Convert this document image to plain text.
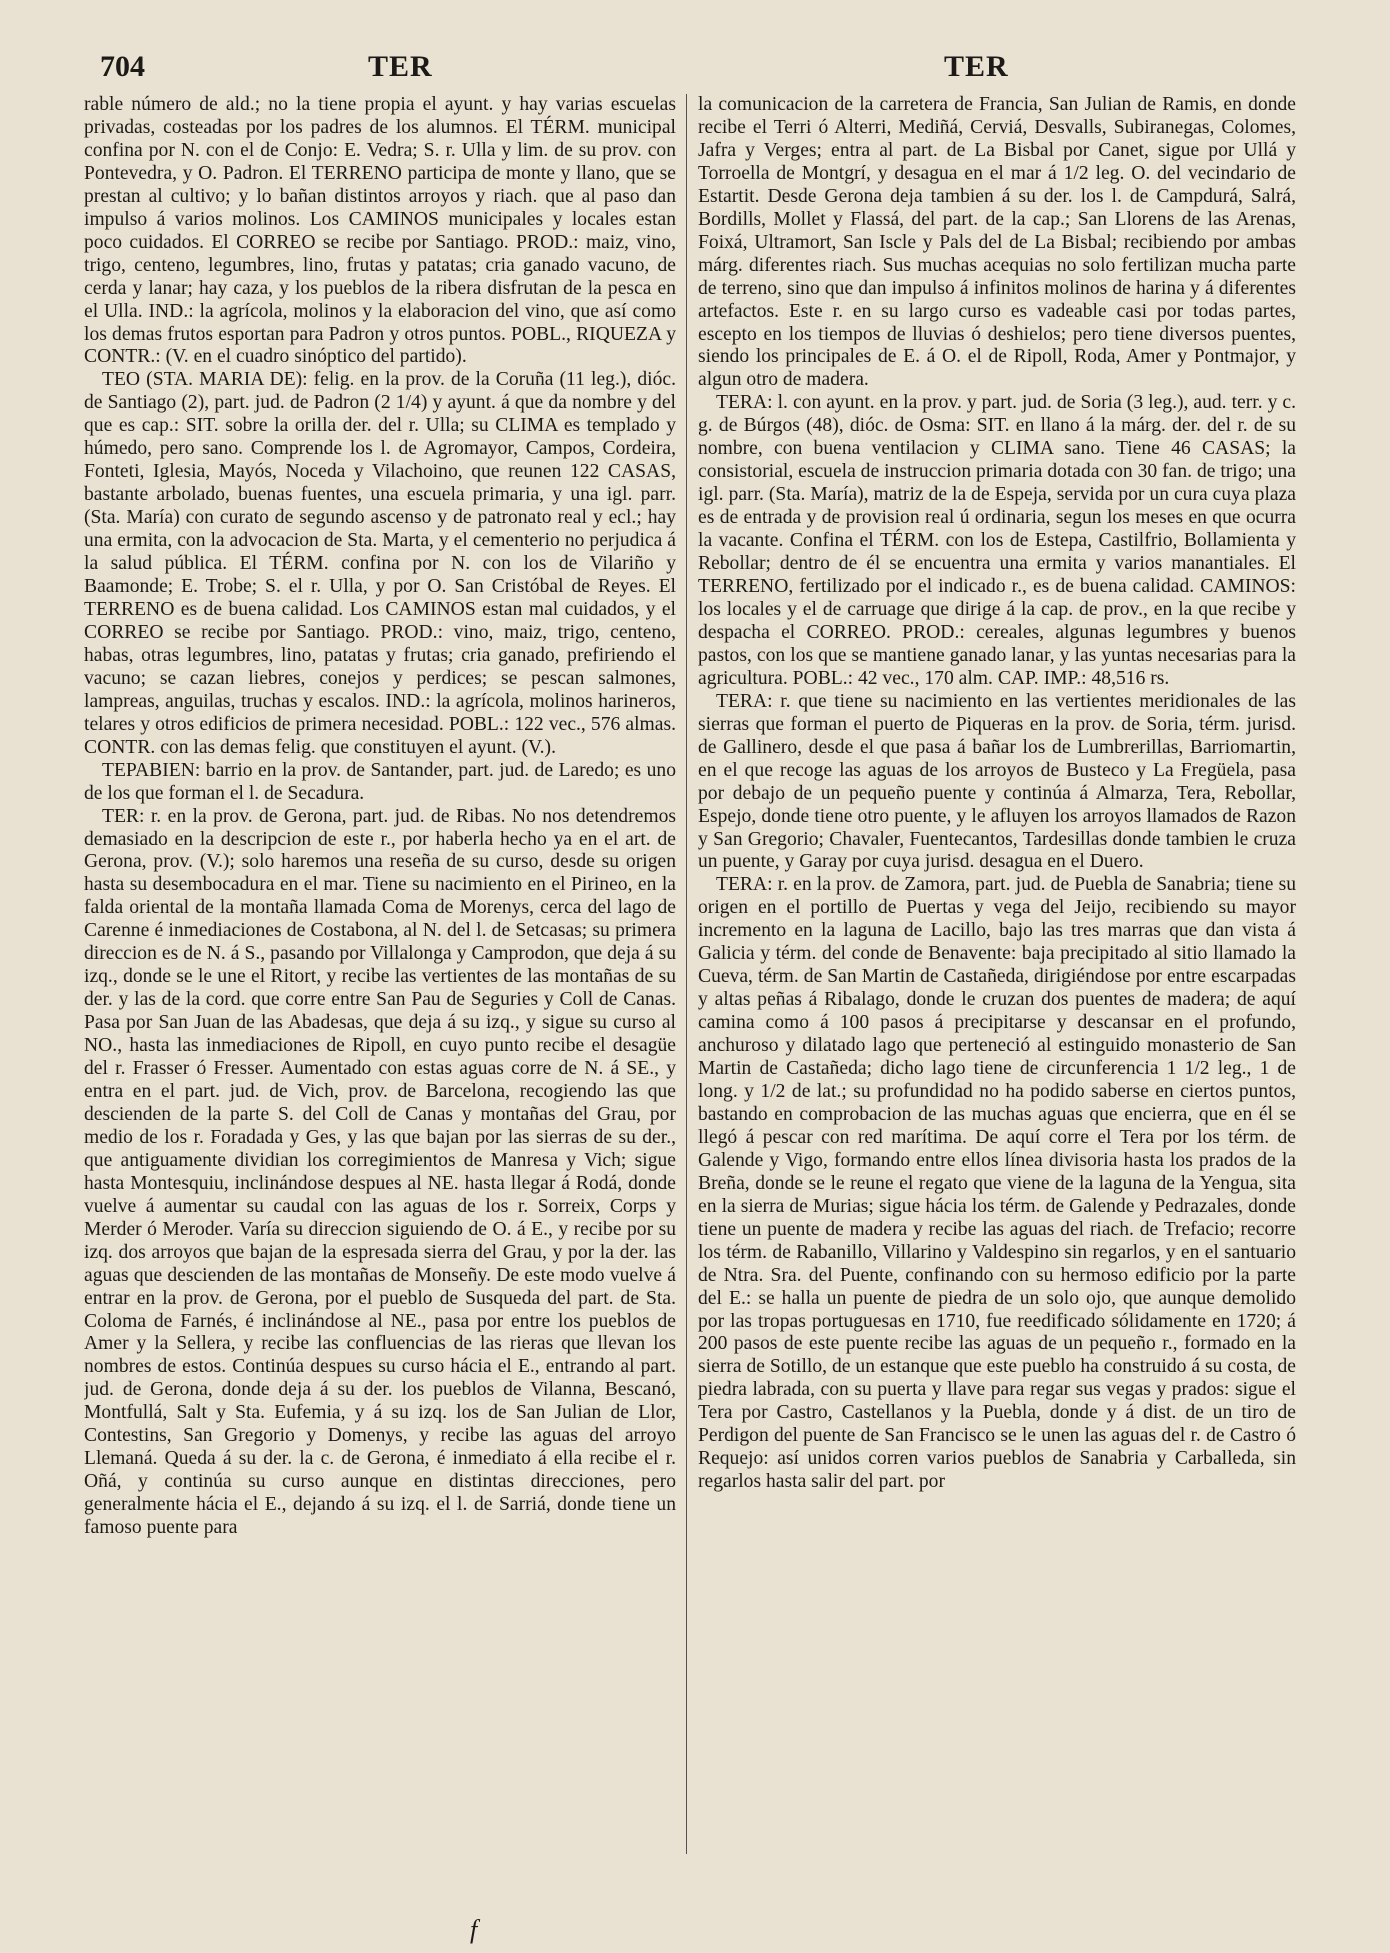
704	TER	TER

rable número de ald.; no la tiene propia el ayunt. y hay varias escuelas privadas, costeadas por los padres de los alumnos. El TÉRM. municipal confina por N. con el de Conjo: E. Vedra; S. r. Ulla y lim. de su prov. con Pontevedra, y O. Padron. El TERRENO participa de monte y llano, que se prestan al cultivo; y lo bañan distintos arroyos y riach. que al paso dan impulso á varios molinos. Los CAMINOS municipales y locales estan poco cuidados. El CORREO se recibe por Santiago. PROD.: maiz, vino, trigo, centeno, legumbres, lino, frutas y patatas; cria ganado vacuno, de cerda y lanar; hay caza, y los pueblos de la ribera disfrutan de la pesca en el Ulla. IND.: la agrícola, molinos y la elaboracion del vino, que así como los demas frutos esportan para Padron y otros puntos. POBL., RIQUEZA y CONTR.: (V. en el cuadro sinóptico del partido).

TEO (STA. MARIA DE): felig. en la prov. de la Coruña (11 leg.), dióc. de Santiago (2), part. jud. de Padron (2 1/4) y ayunt. á que da nombre y del que es cap.: SIT. sobre la orilla der. del r. Ulla; su CLIMA es templado y húmedo, pero sano. Comprende los l. de Agromayor, Campos, Cordeira, Fonteti, Iglesia, Mayós, Noceda y Vilachoino, que reunen 122 CASAS, bastante arbolado, buenas fuentes, una escuela primaria, y una igl. parr. (Sta. María) con curato de segundo ascenso y de patronato real y ecl.; hay una ermita, con la advocacion de Sta. Marta, y el cementerio no perjudica á la salud pública. El TÉRM. confina por N. con los de Vilariño y Baamonde; E. Trobe; S. el r. Ulla, y por O. San Cristóbal de Reyes. El TERRENO es de buena calidad. Los CAMINOS estan mal cuidados, y el CORREO se recibe por Santiago. PROD.: vino, maiz, trigo, centeno, habas, otras legumbres, lino, patatas y frutas; cria ganado, prefiriendo el vacuno; se cazan liebres, conejos y perdices; se pescan salmones, lampreas, anguilas, truchas y escalos. IND.: la agrícola, molinos harineros, telares y otros edificios de primera necesidad. POBL.: 122 vec., 576 almas. CONTR. con las demas felig. que constituyen el ayunt. (V.).

TEPABIEN: barrio en la prov. de Santander, part. jud. de Laredo; es uno de los que forman el l. de Secadura.

TER: r. en la prov. de Gerona, part. jud. de Ribas. No nos detendremos demasiado en la descripcion de este r., por haberla hecho ya en el art. de Gerona, prov. (V.); solo haremos una reseña de su curso, desde su origen hasta su desembocadura en el mar. Tiene su nacimiento en el Pirineo, en la falda oriental de la montaña llamada Coma de Morenys, cerca del lago de Carenne é inmediaciones de Costabona, al N. del l. de Setcasas; su primera direccion es de N. á S., pasando por Villalonga y Camprodon, que deja á su izq., donde se le une el Ritort, y recibe las vertientes de las montañas de su der. y las de la cord. que corre entre San Pau de Seguries y Coll de Canas. Pasa por San Juan de las Abadesas, que deja á su izq., y sigue su curso al NO., hasta las inmediaciones de Ripoll, en cuyo punto recibe el desagüe del r. Frasser ó Fresser. Aumentado con estas aguas corre de N. á SE., y entra en el part. jud. de Vich, prov. de Barcelona, recogiendo las que descienden de la parte S. del Coll de Canas y montañas del Grau, por medio de los r. Foradada y Ges, y las que bajan por las sierras de su der., que antiguamente dividian los corregimientos de Manresa y Vich; sigue hasta Montesquiu, inclinándose despues al NE. hasta llegar á Rodá, donde vuelve á aumentar su caudal con las aguas de los r. Sorreix, Corps y Merder ó Meroder. Varía su direccion siguiendo de O. á E., y recibe por su izq. dos arroyos que bajan de la espresada sierra del Grau, y por la der. las aguas que descienden de las montañas de Monseñy. De este modo vuelve á entrar en la prov. de Gerona, por el pueblo de Susqueda del part. de Sta. Coloma de Farnés, é inclinándose al NE., pasa por entre los pueblos de Amer y la Sellera, y recibe las confluencias de las rieras que llevan los nombres de estos. Continúa despues su curso hácia el E., entrando al part. jud. de Gerona, donde deja á su der. los pueblos de Vilanna, Bescanó, Montfullá, Salt y Sta. Eufemia, y á su izq. los de San Julian de Llor, Contestins, San Gregorio y Domenys, y recibe las aguas del arroyo Llemaná. Queda á su der. la c. de Gerona, é inmediato á ella recibe el r. Oñá, y continúa su curso aunque en distintas direcciones, pero generalmente hácia el E., dejando á su izq. el l. de Sarriá, donde tiene un famoso puente para

la comunicacion de la carretera de Francia, San Julian de Ramis, en donde recibe el Terri ó Alterri, Mediñá, Cerviá, Desvalls, Subiranegas, Colomes, Jafra y Verges; entra al part. de La Bisbal por Canet, sigue por Ullá y Torroella de Montgrí, y desagua en el mar á 1/2 leg. O. del vecindario de Estartit. Desde Gerona deja tambien á su der. los l. de Campdurá, Salrá, Bordills, Mollet y Flassá, del part. de la cap.; San Llorens de las Arenas, Foixá, Ultramort, San Iscle y Pals del de La Bisbal; recibiendo por ambas márg. diferentes riach. Sus muchas acequias no solo fertilizan mucha parte de terreno, sino que dan impulso á infinitos molinos de harina y á diferentes artefactos. Este r. en su largo curso es vadeable casi por todas partes, escepto en los tiempos de lluvias ó deshielos; pero tiene diversos puentes, siendo los principales de E. á O. el de Ripoll, Roda, Amer y Pontmajor, y algun otro de madera.

TERA: l. con ayunt. en la prov. y part. jud. de Soria (3 leg.), aud. terr. y c. g. de Búrgos (48), dióc. de Osma: SIT. en llano á la márg. der. del r. de su nombre, con buena ventilacion y CLIMA sano. Tiene 46 CASAS; la consistorial, escuela de instruccion primaria dotada con 30 fan. de trigo; una igl. parr. (Sta. María), matriz de la de Espeja, servida por un cura cuya plaza es de entrada y de provision real ú ordinaria, segun los meses en que ocurra la vacante. Confina el TÉRM. con los de Estepa, Castilfrio, Bollamienta y Rebollar; dentro de él se encuentra una ermita y varios manantiales. El TERRENO, fertilizado por el indicado r., es de buena calidad. CAMINOS: los locales y el de carruage que dirige á la cap. de prov., en la que recibe y despacha el CORREO. PROD.: cereales, algunas legumbres y buenos pastos, con los que se mantiene ganado lanar, y las yuntas necesarias para la agricultura. POBL.: 42 vec., 170 alm. CAP. IMP.: 48,516 rs.

TERA: r. que tiene su nacimiento en las vertientes meridionales de las sierras que forman el puerto de Piqueras en la prov. de Soria, térm. jurisd. de Gallinero, desde el que pasa á bañar los de Lumbrerillas, Barriomartin, en el que recoge las aguas de los arroyos de Busteco y La Fregüela, pasa por debajo de un pequeño puente y continúa á Almarza, Tera, Rebollar, Espejo, donde tiene otro puente, y le afluyen los arroyos llamados de Razon y San Gregorio; Chavaler, Fuentecantos, Tardesillas donde tambien le cruza un puente, y Garay por cuya jurisd. desagua en el Duero.

TERA: r. en la prov. de Zamora, part. jud. de Puebla de Sanabria; tiene su origen en el portillo de Puertas y vega del Jeijo, recibiendo su mayor incremento en la laguna de Lacillo, bajo las tres marras que dan vista á Galicia y térm. del conde de Benavente: baja precipitado al sitio llamado la Cueva, térm. de San Martin de Castañeda, dirigiéndose por entre escarpadas y altas peñas á Ribalago, donde le cruzan dos puentes de madera; de aquí camina como á 100 pasos á precipitarse y descansar en el profundo, anchuroso y dilatado lago que perteneció al estinguido monasterio de San Martin de Castañeda; dicho lago tiene de circunferencia 1 1/2 leg., 1 de long. y 1/2 de lat.; su profundidad no ha podido saberse en ciertos puntos, bastando en comprobacion de las muchas aguas que encierra, que en él se llegó á pescar con red marítima. De aquí corre el Tera por los térm. de Galende y Vigo, formando entre ellos línea divisoria hasta los prados de la Breña, donde se le reune el regato que viene de la laguna de la Yengua, sita en la sierra de Murias; sigue hácia los térm. de Galende y Pedrazales, donde tiene un puente de madera y recibe las aguas del riach. de Trefacio; recorre los térm. de Rabanillo, Villarino y Valdespino sin regarlos, y en el santuario de Ntra. Sra. del Puente, confinando con su hermoso edificio por la parte del E.: se halla un puente de piedra de un solo ojo, que aunque demolido por las tropas portuguesas en 1710, fue reedificado sólidamente en 1720; á 200 pasos de este puente recibe las aguas de un pequeño r., formado en la sierra de Sotillo, de un estanque que este pueblo ha construido á su costa, de piedra labrada, con su puerta y llave para regar sus vegas y prados: sigue el Tera por Castro, Castellanos y la Puebla, donde y á dist. de un tiro de Perdigon del puente de San Francisco se le unen las aguas del r. de Castro ó Requejo: así unidos corren varios pueblos de Sanabria y Carballeda, sin regarlos hasta salir del part. por

f
